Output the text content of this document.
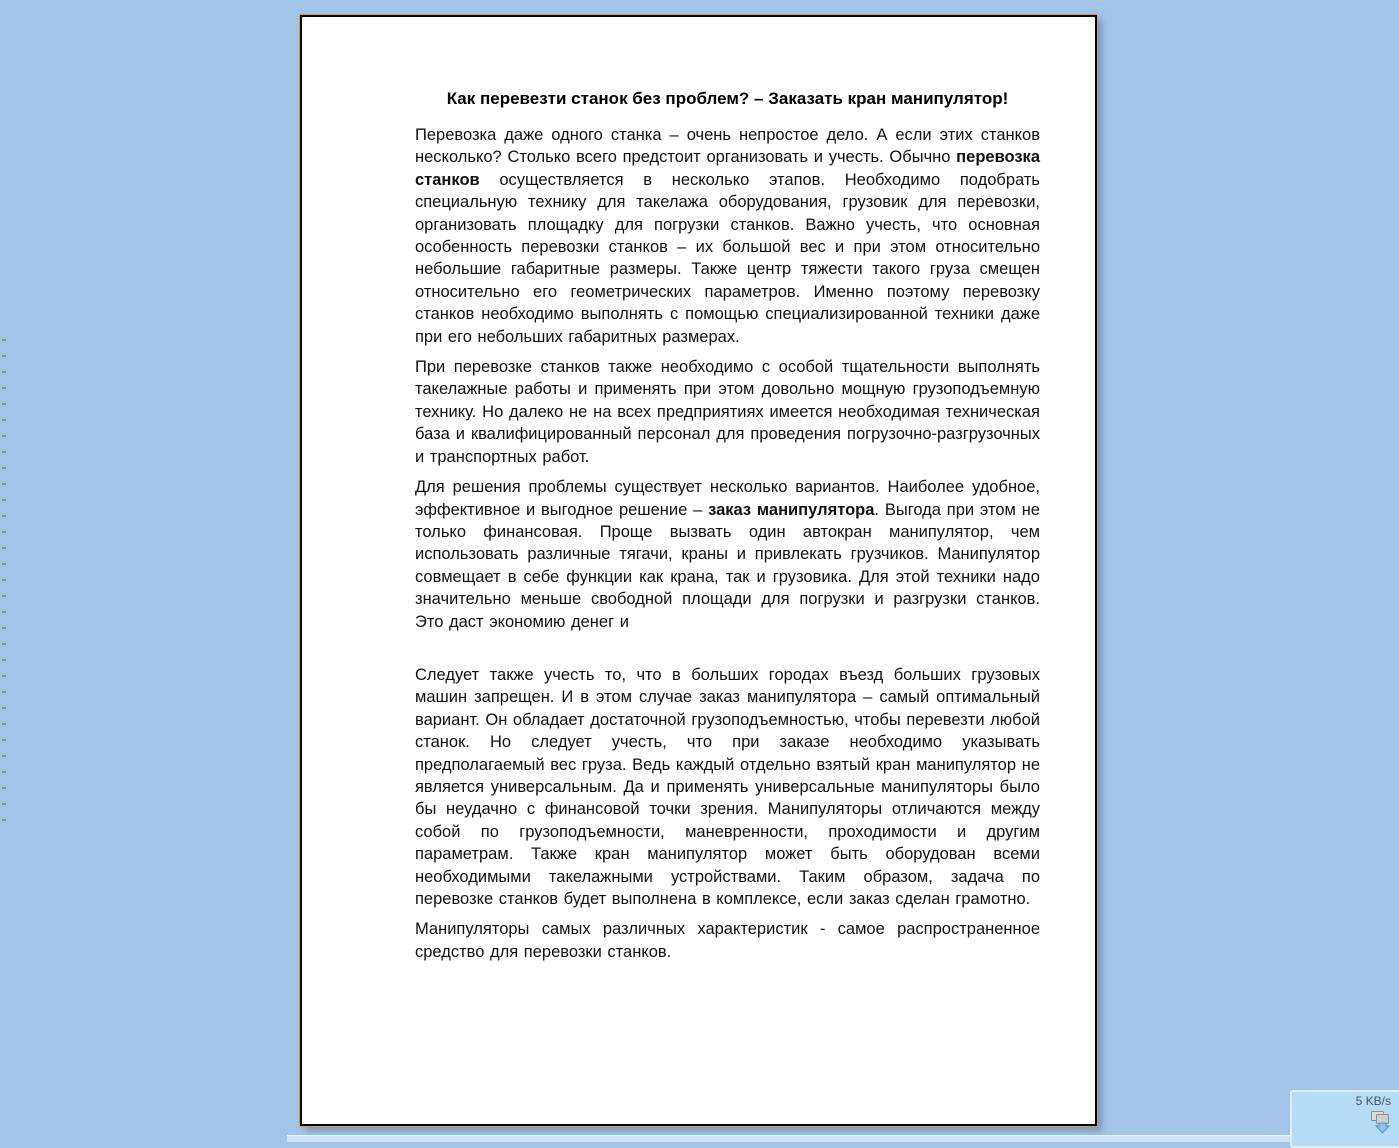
Как перевезти станок без проблем? – Заказать кран манипулятор!

Перевозка даже одного станка – очень непростое дело. А если этих станков несколько? Столько всего предстоит организовать и учесть. Обычно перевозка станков осуществляется в несколько этапов. Необходимо подобрать специальную технику для такелажа оборудования, грузовик для перевозки, организовать площадку для погрузки станков. Важно учесть, что основная особенность перевозки станков – их большой вес и при этом относительно небольшие габаритные размеры. Также центр тяжести такого груза смещен относительно его геометрических параметров. Именно поэтому перевозку станков необходимо выполнять с помощью специализированной техники даже при его небольших габаритных размерах.

При перевозке станков также необходимо с особой тщательности выполнять такелажные работы и применять при этом довольно мощную грузоподъемную технику. Но далеко не на всех предприятиях имеется необходимая техническая база и квалифицированный персонал для проведения погрузочно-разгрузочных и транспортных работ.

Для решения проблемы существует несколько вариантов. Наиболее удобное, эффективное и выгодное решение – заказ манипулятора. Выгода при этом не только финансовая. Проще вызвать один автокран манипулятор, чем использовать различные тягачи, краны и привлекать грузчиков. Манипулятор совмещает в себе функции как крана, так и грузовика. Для этой техники надо значительно меньше свободной площади для погрузки и разгрузки станков. Это даст экономию денег и

Следует также учесть то, что в больших городах въезд больших грузовых машин запрещен. И в этом случае заказ манипулятора – самый оптимальный вариант. Он обладает достаточной грузоподъемностью, чтобы перевезти любой станок. Но следует учесть, что при заказе необходимо указывать предполагаемый вес груза. Ведь каждый отдельно взятый кран манипулятор не является универсальным. Да и применять универсальные манипуляторы было бы неудачно с финансовой точки зрения. Манипуляторы отличаются между собой по грузоподъемности, маневренности, проходимости и другим параметрам. Также кран манипулятор может быть оборудован всеми необходимыми такелажными устройствами. Таким образом, задача по перевозке станков будет выполнена в комплексе, если заказ сделан грамотно.

Манипуляторы самых различных характеристик - самое распространенное средство для перевозки станков.

5 KB/s
